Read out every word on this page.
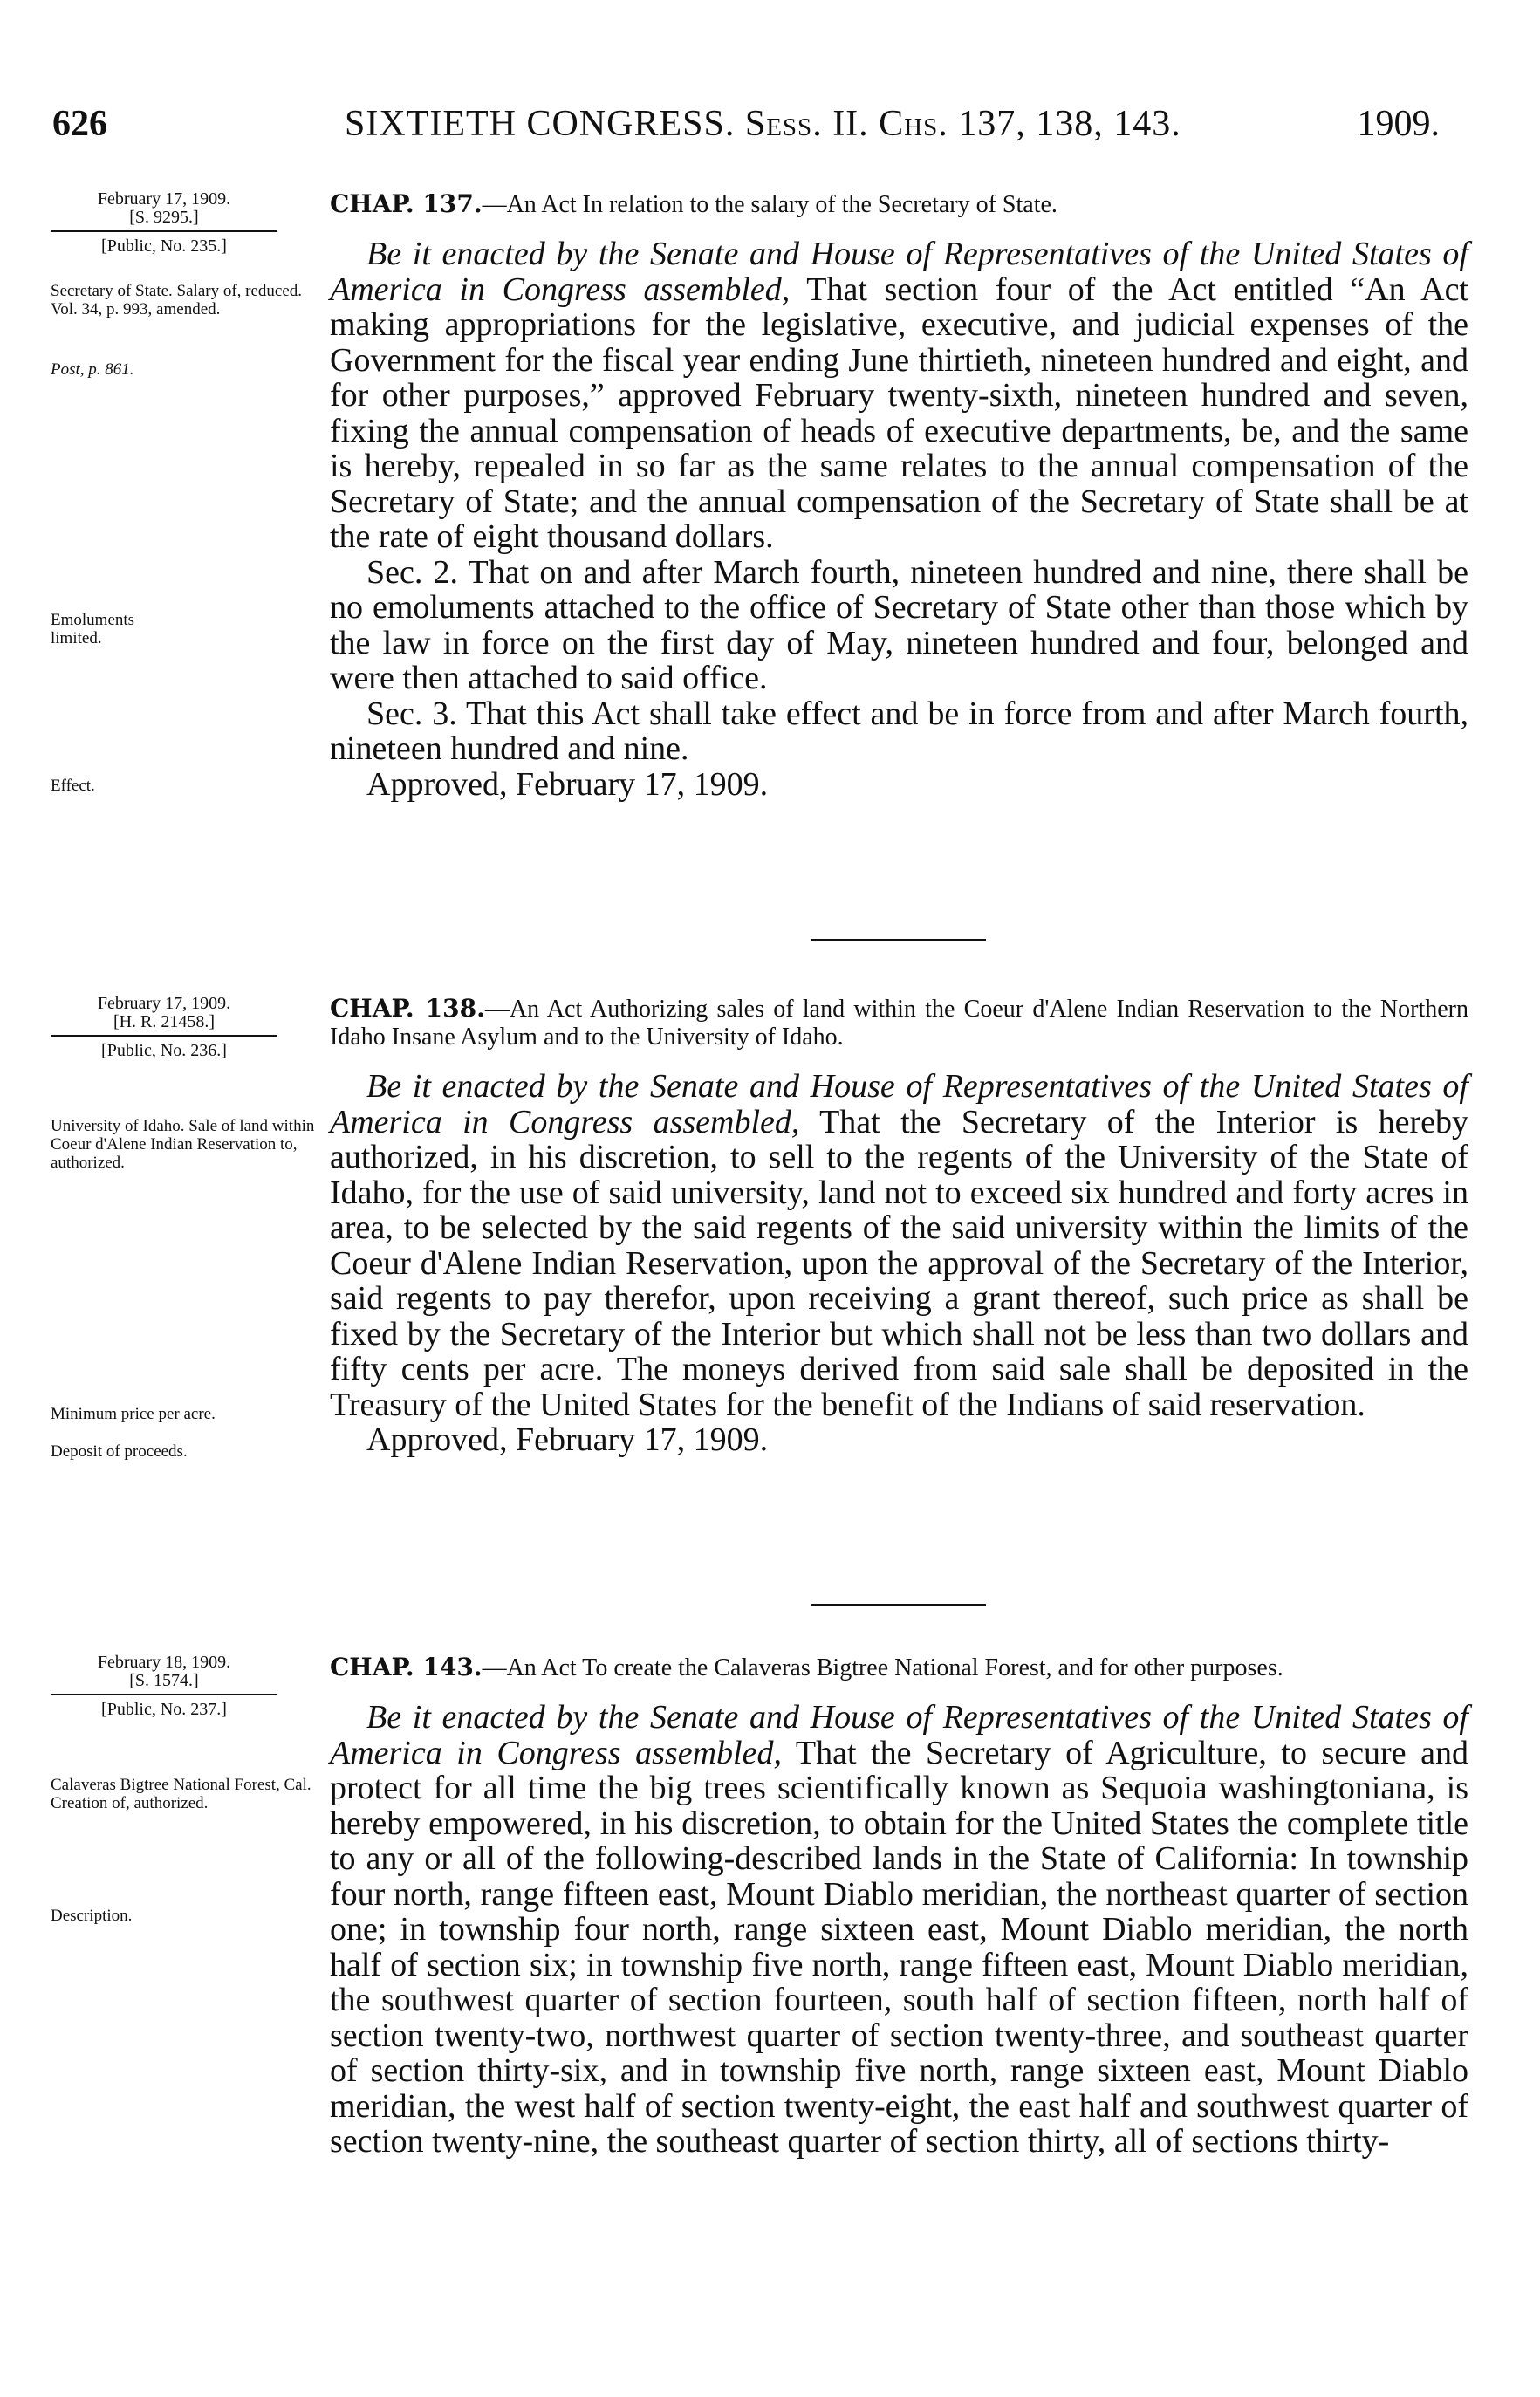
626	SIXTIETH CONGRESS. Sess. II. Chs. 137, 138, 143.	1909.
February 17, 1909.
[S. 9295.]
[Public, No. 235.]
Secretary of State. Salary of, reduced. Vol. 34, p. 993, amended.
Post, p. 861.
Emoluments limited.
Effect.
CHAP. 137.—An Act In relation to the salary of the Secretary of State.

Be it enacted by the Senate and House of Representatives of the United States of America in Congress assembled, That section four of the Act entitled “An Act making appropriations for the legislative, executive, and judicial expenses of the Government for the fiscal year ending June thirtieth, nineteen hundred and eight, and for other purposes,” approved February twenty-sixth, nineteen hundred and seven, fixing the annual compensation of heads of executive departments, be, and the same is hereby, repealed in so far as the same relates to the annual compensation of the Secretary of State; and the annual compensation of the Secretary of State shall be at the rate of eight thousand dollars.

Sec. 2. That on and after March fourth, nineteen hundred and nine, there shall be no emoluments attached to the office of Secretary of State other than those which by the law in force on the first day of May, nineteen hundred and four, belonged and were then attached to said office.

Sec. 3. That this Act shall take effect and be in force from and after March fourth, nineteen hundred and nine.

Approved, February 17, 1909.

February 17, 1909.
[H. R. 21458.]
[Public, No. 236.]
University of Idaho. Sale of land within Coeur d'Alene Indian Reservation to, authorized.
Minimum price per acre.
Deposit of proceeds.
CHAP. 138.—An Act Authorizing sales of land within the Coeur d'Alene Indian Reservation to the Northern Idaho Insane Asylum and to the University of Idaho.

Be it enacted by the Senate and House of Representatives of the United States of America in Congress assembled, That the Secretary of the Interior is hereby authorized, in his discretion, to sell to the regents of the University of the State of Idaho, for the use of said university, land not to exceed six hundred and forty acres in area, to be selected by the said regents of the said university within the limits of the Coeur d'Alene Indian Reservation, upon the approval of the Secretary of the Interior, said regents to pay therefor, upon receiving a grant thereof, such price as shall be fixed by the Secretary of the Interior but which shall not be less than two dollars and fifty cents per acre. The moneys derived from said sale shall be deposited in the Treasury of the United States for the benefit of the Indians of said reservation.

Approved, February 17, 1909.

February 18, 1909.
[S. 1574.]
[Public, No. 237.]
Calaveras Bigtree National Forest, Cal. Creation of, authorized.
Description.
CHAP. 143.—An Act To create the Calaveras Bigtree National Forest, and for other purposes.

Be it enacted by the Senate and House of Representatives of the United States of America in Congress assembled, That the Secretary of Agriculture, to secure and protect for all time the big trees scientifically known as Sequoia washingtoniana, is hereby empowered, in his discretion, to obtain for the United States the complete title to any or all of the following-described lands in the State of California: In township four north, range fifteen east, Mount Diablo meridian, the northeast quarter of section one; in township four north, range sixteen east, Mount Diablo meridian, the north half of section six; in township five north, range fifteen east, Mount Diablo meridian, the southwest quarter of section fourteen, south half of section fifteen, north half of section twenty-two, northwest quarter of section twenty-three, and southeast quarter of section thirty-six, and in township five north, range sixteen east, Mount Diablo meridian, the west half of section twenty-eight, the east half and southwest quarter of section twenty-nine, the southeast quarter of section thirty, all of sections thirty-
